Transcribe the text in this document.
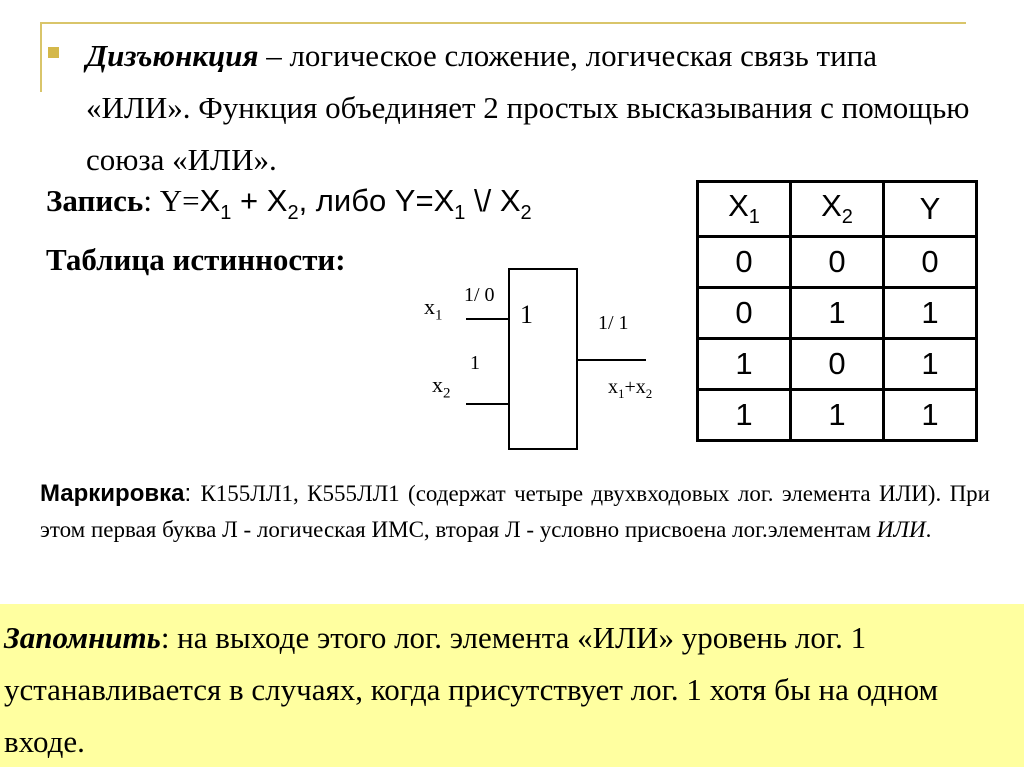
Дизъюнкция – логическое сложение, логическая связь типа «ИЛИ». Функция объединяет 2 простых высказывания с помощью союза «ИЛИ».
Запись: $Y=X_1 + X_2$, либо $Y=X_1$ \/ $X_2$
Таблица истинности:
1
$x_1$
1/ 0
$x_2$
1
1/ 1
$x_1+x_2$
$X_1$	$X_2$	Y
0	0	0
0	1	1
1	0	1
1	1	1
Маркировка: К155ЛЛ1, К555ЛЛ1 (содержат четыре двухвходовых лог. элемента ИЛИ). При этом первая буква Л - логическая ИМС, вторая Л - условно присвоена лог.элементам ИЛИ.
Запомнить: на выходе этого лог. элемента «ИЛИ» уровень лог. 1 устанавливается в случаях, когда присутствует лог. 1 хотя бы на одном входе.
